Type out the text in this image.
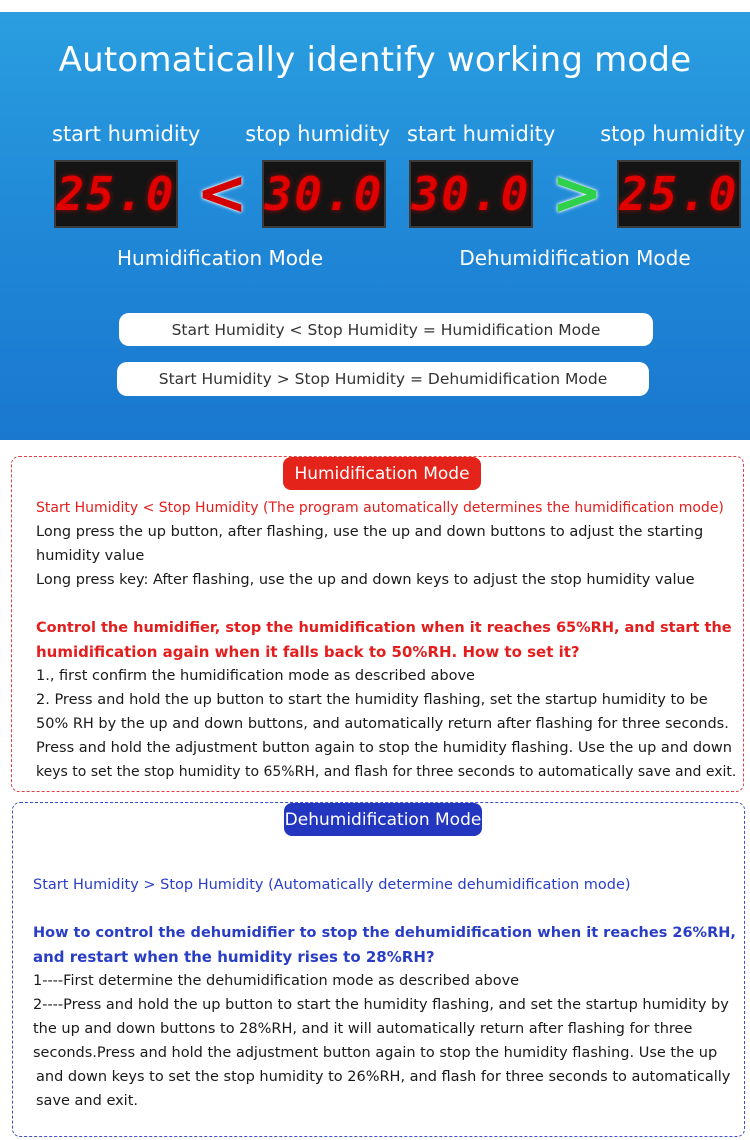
Automatically identify working mode
start humidity stop humidity
25.0 < 30.0
Humidification Mode
start humidity stop humidity
30.0 > 25.0
Dehumidification Mode
Start Humidity < Stop Humidity = Humidification Mode
Start Humidity > Stop Humidity = Dehumidification Mode
Humidification Mode
Start Humidity < Stop Humidity (The program automatically determines the humidification mode)
Long press the up button, after flashing, use the up and down buttons to adjust the starting
humidity value
Long press key: After flashing, use the up and down keys to adjust the stop humidity value
Control the humidifier, stop the humidification when it reaches 65%RH, and start the
humidification again when it falls back to 50%RH. How to set it?
1., first confirm the humidification mode as described above
2. Press and hold the up button to start the humidity flashing, set the startup humidity to be
50% RH by the up and down buttons, and automatically return after flashing for three seconds.
Press and hold the adjustment button again to stop the humidity flashing. Use the up and down
keys to set the stop humidity to 65%RH, and flash for three seconds to automatically save and exit.
Dehumidification Mode
Start Humidity > Stop Humidity (Automatically determine dehumidification mode)
How to control the dehumidifier to stop the dehumidification when it reaches 26%RH,
and restart when the humidity rises to 28%RH?
1----First determine the dehumidification mode as described above
2----Press and hold the up button to start the humidity flashing, and set the startup humidity by
the up and down buttons to 28%RH, and it will automatically return after flashing for three
seconds.Press and hold the adjustment button again to stop the humidity flashing. Use the up
and down keys to set the stop humidity to 26%RH, and flash for three seconds to automatically
save and exit.
